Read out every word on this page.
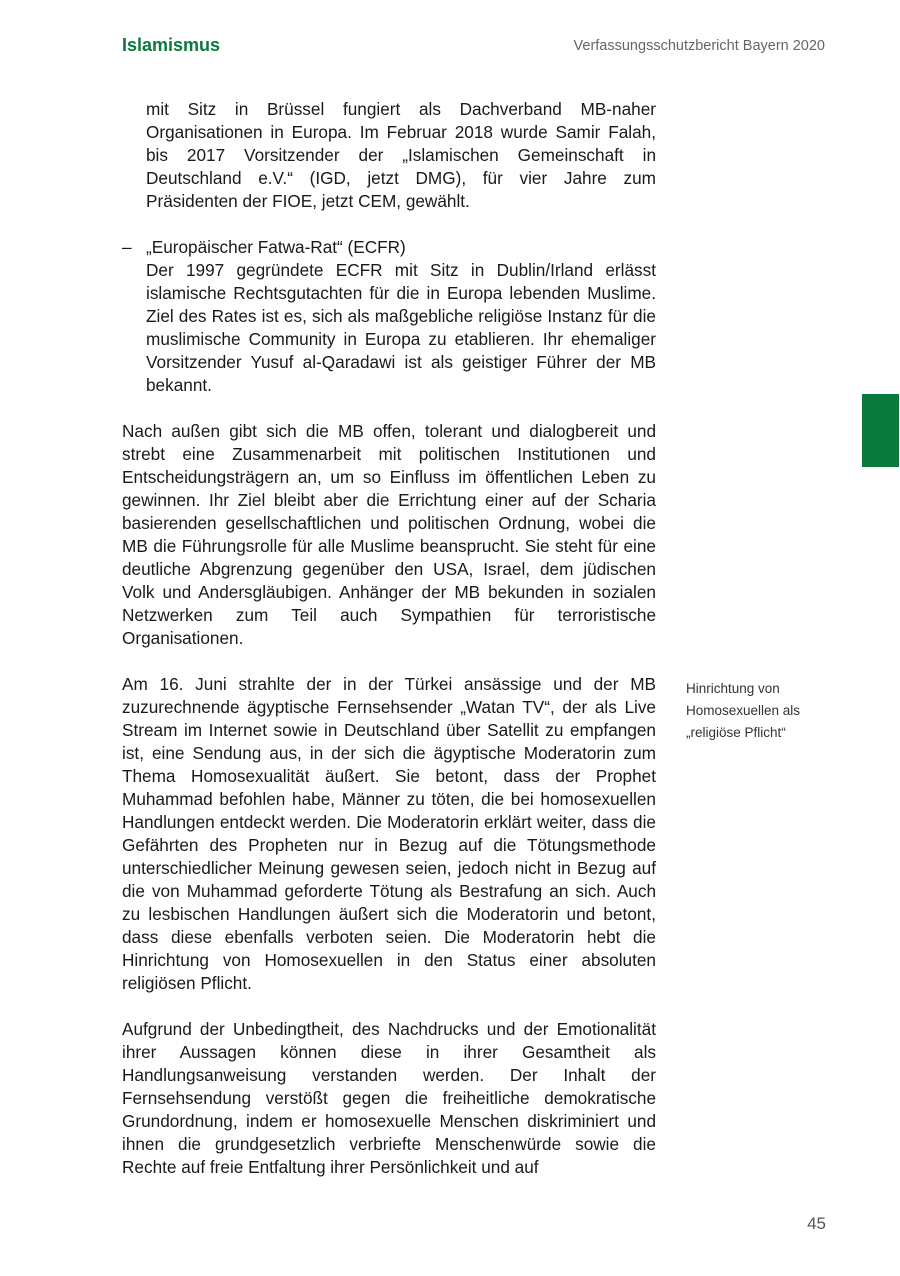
Islamismus	Verfassungsschutzbericht Bayern 2020

mit Sitz in Brüssel fungiert als Dachverband MB-naher Organisationen in Europa. Im Februar 2018 wurde Samir Falah, bis 2017 Vorsitzender der „Islamischen Gemeinschaft in Deutschland e.V.“ (IGD, jetzt DMG), für vier Jahre zum Präsidenten der FIOE, jetzt CEM, gewählt.

– „Europäischer Fatwa-Rat“ (ECFR)

Der 1997 gegründete ECFR mit Sitz in Dublin/Irland erlässt islamische Rechtsgutachten für die in Europa lebenden Muslime. Ziel des Rates ist es, sich als maßgebliche religiöse Instanz für die muslimische Community in Europa zu etablieren. Ihr ehemaliger Vorsitzender Yusuf al-Qaradawi ist als geistiger Führer der MB bekannt.

Nach außen gibt sich die MB offen, tolerant und dialogbereit und strebt eine Zusammenarbeit mit politischen Institutionen und Entscheidungsträgern an, um so Einfluss im öffentlichen Leben zu gewinnen. Ihr Ziel bleibt aber die Errichtung einer auf der Scharia basierenden gesellschaftlichen und politischen Ordnung, wobei die MB die Führungsrolle für alle Muslime beansprucht. Sie steht für eine deutliche Abgrenzung gegenüber den USA, Israel, dem jüdischen Volk und Andersgläubigen. Anhänger der MB bekunden in sozialen Netzwerken zum Teil auch Sympathien für terroristische Organisationen.

Am 16. Juni strahlte der in der Türkei ansässige und der MB zuzurechnende ägyptische Fernsehsender „Watan TV“, der als Live Stream im Internet sowie in Deutschland über Satellit zu empfangen ist, eine Sendung aus, in der sich die ägyptische Moderatorin zum Thema Homosexualität äußert. Sie betont, dass der Prophet Muhammad befohlen habe, Männer zu töten, die bei homosexuellen Handlungen entdeckt werden. Die Moderatorin erklärt weiter, dass die Gefährten des Propheten nur in Bezug auf die Tötungsmethode unterschiedlicher Meinung gewesen seien, jedoch nicht in Bezug auf die von Muhammad geforderte Tötung als Bestrafung an sich. Auch zu lesbischen Handlungen äußert sich die Moderatorin und betont, dass diese ebenfalls verboten seien. Die Moderatorin hebt die Hinrichtung von Homosexuellen in den Status einer absoluten religiösen Pflicht.

Aufgrund der Unbedingtheit, des Nachdrucks und der Emotionalität ihrer Aussagen können diese in ihrer Gesamtheit als Handlungsanweisung verstanden werden. Der Inhalt der Fernsehsendung verstößt gegen die freiheitliche demokratische Grundordnung, indem er homosexuelle Menschen diskriminiert und ihnen die grundgesetzlich verbriefte Menschenwürde sowie die Rechte auf freie Entfaltung ihrer Persönlichkeit und auf

Hinrichtung von
Homosexuellen als
„religiöse Pflicht“
45
